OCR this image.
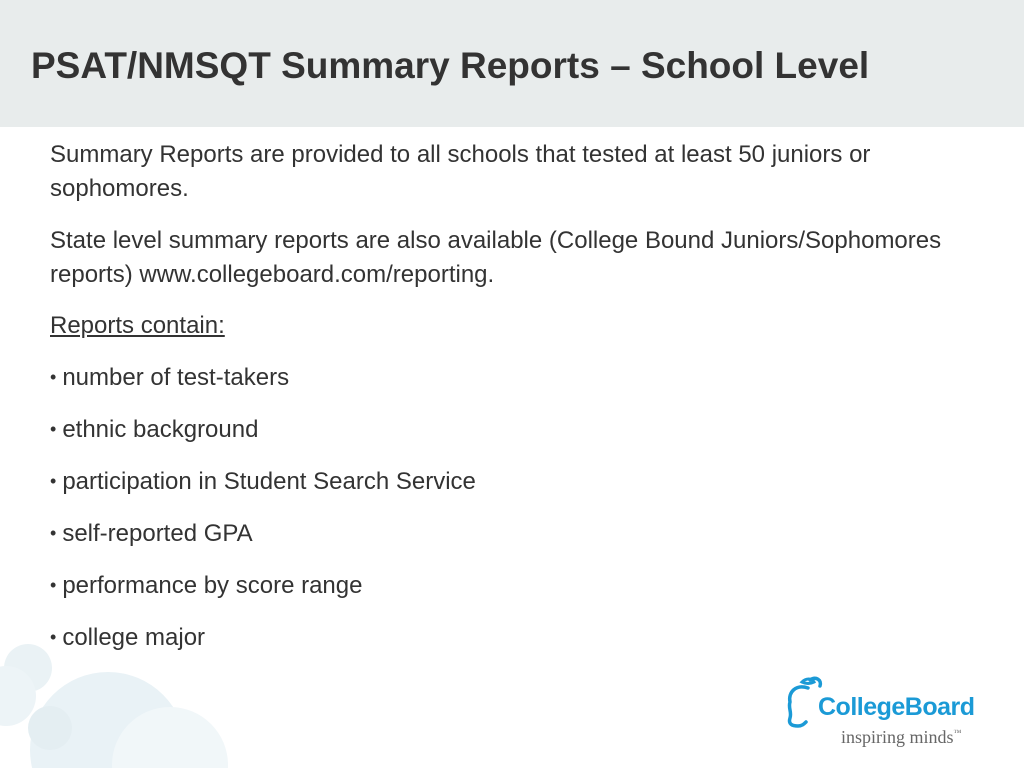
PSAT/NMSQT Summary Reports – School Level

Summary Reports are provided to all schools that tested at least 50 juniors or sophomores.

State level summary reports are also available (College Bound Juniors/Sophomores reports) www.collegeboard.com/reporting.

Reports contain:

• number of test-takers
• ethnic background
• participation in Student Search Service
• self-reported GPA
• performance by score range
• college major
CollegeBoard
inspiring minds™
